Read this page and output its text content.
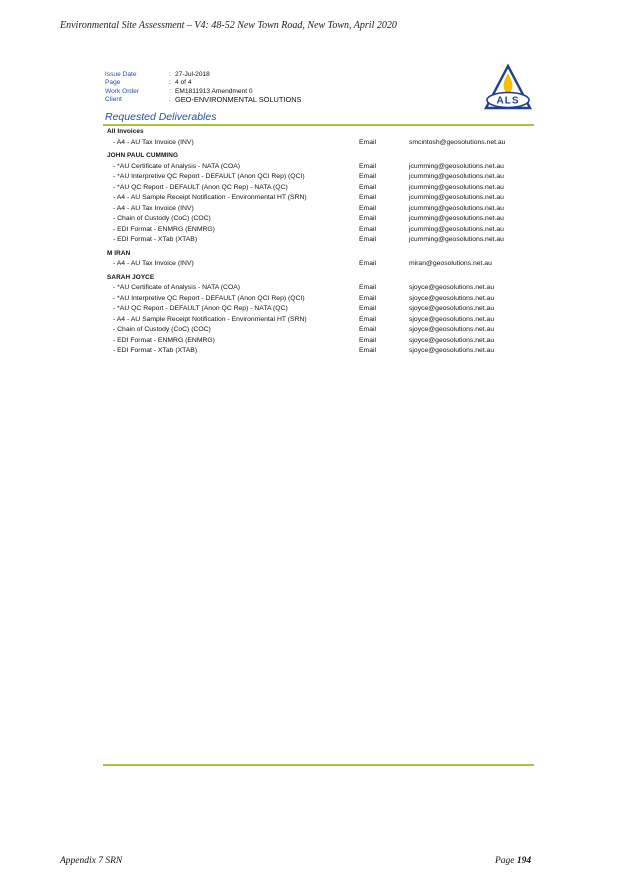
Environmental Site Assessment – V4: 48-52 New Town Road, New Town, April 2020
Issue Date	: 27-Jul-2018
Page	: 4 of 4
Work Order	: EM1811913 Amendment 0
Client	: GEO-ENVIRONMENTAL SOLUTIONS	ALS
Requested Deliverables
All Invoices
- A4 - AU Tax Invoice (INV)	Email	smcintosh@geosolutions.net.au
JOHN PAUL CUMMING
- *AU Certificate of Analysis - NATA (COA)	Email	jcumming@geosolutions.net.au
- *AU Interpretive QC Report - DEFAULT (Anon QCI Rep) (QCI)	Email	jcumming@geosolutions.net.au
- *AU QC Report - DEFAULT (Anon QC Rep) - NATA (QC)	Email	jcumming@geosolutions.net.au
- A4 - AU Sample Receipt Notification - Environmental HT (SRN)	Email	jcumming@geosolutions.net.au
- A4 - AU Tax Invoice (INV)	Email	jcumming@geosolutions.net.au
- Chain of Custody (CoC) (COC)	Email	jcumming@geosolutions.net.au
- EDI Format - ENMRG (ENMRG)	Email	jcumming@geosolutions.net.au
- EDI Format - XTab (XTAB)	Email	jcumming@geosolutions.net.au
M IRAN
- A4 - AU Tax Invoice (INV)	Email	miran@geosolutions.net.au
SARAH JOYCE
- *AU Certificate of Analysis - NATA (COA)	Email	sjoyce@geosolutions.net.au
- *AU Interpretive QC Report - DEFAULT (Anon QCI Rep) (QCI)	Email	sjoyce@geosolutions.net.au
- *AU QC Report - DEFAULT (Anon QC Rep) - NATA (QC)	Email	sjoyce@geosolutions.net.au
- A4 - AU Sample Receipt Notification - Environmental HT (SRN)	Email	sjoyce@geosolutions.net.au
- Chain of Custody (CoC) (COC)	Email	sjoyce@geosolutions.net.au
- EDI Format - ENMRG (ENMRG)	Email	sjoyce@geosolutions.net.au
- EDI Format - XTab (XTAB)	Email	sjoyce@geosolutions.net.au
Appendix 7 SRN	Page 194
